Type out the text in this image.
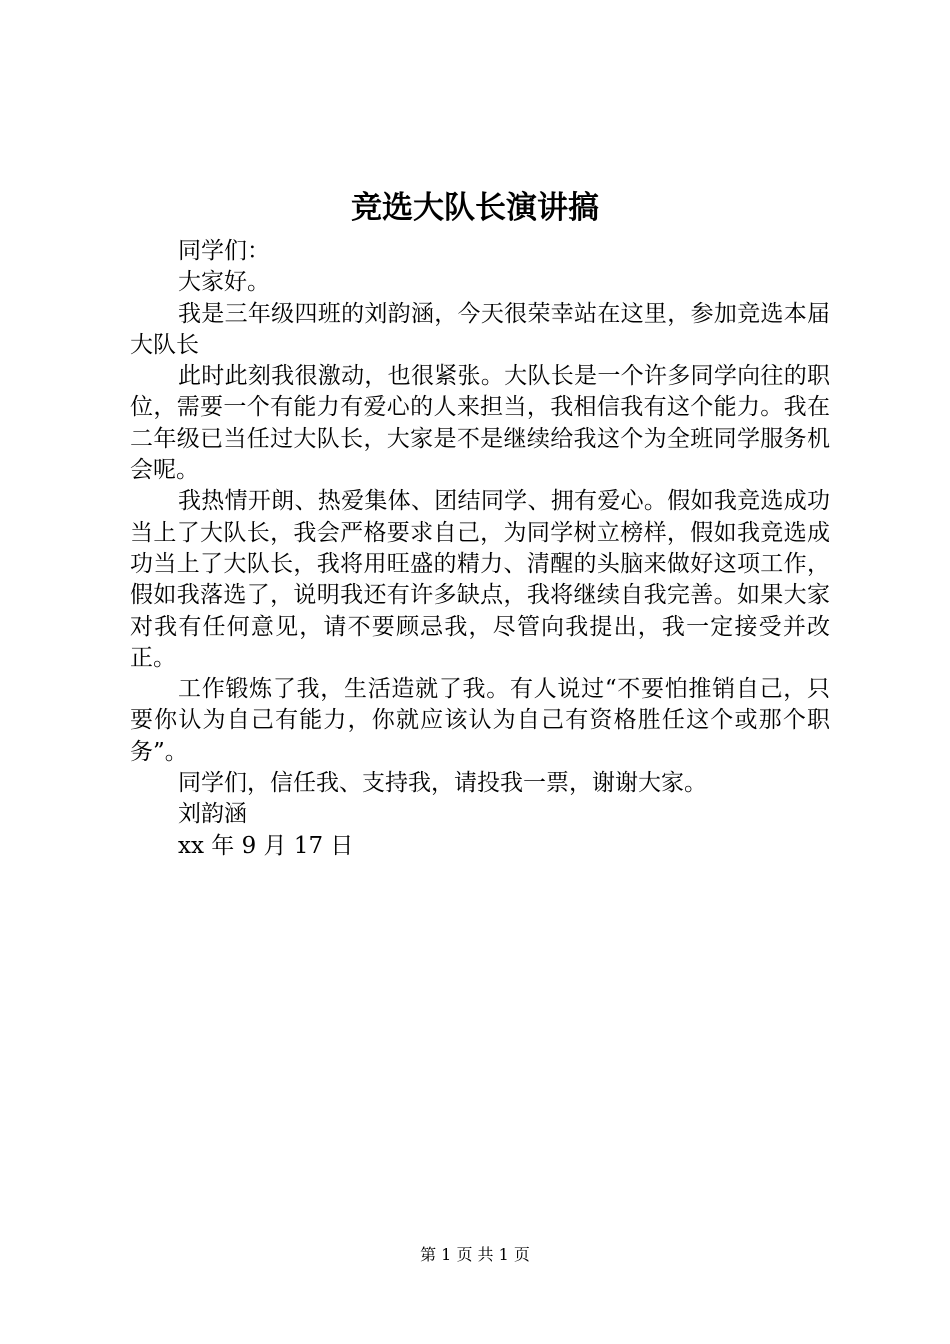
竞选大队长演讲搞

同学们：

大家好。

我是三年级四班的刘韵涵，今天很荣幸站在这里，参加竞选本届大队长

此时此刻我很激动，也很紧张。大队长是一个许多同学向往的职位，需要一个有能力有爱心的人来担当，我相信我有这个能力。我在二年级已当任过大队长，大家是不是继续给我这个为全班同学服务机会呢。

我热情开朗、热爱集体、团结同学、拥有爱心。假如我竞选成功当上了大队长，我会严格要求自己，为同学树立榜样，假如我竞选成功当上了大队长，我将用旺盛的精力、清醒的头脑来做好这项工作，假如我落选了，说明我还有许多缺点，我将继续自我完善。如果大家对我有任何意见，请不要顾忌我，尽管向我提出，我一定接受并改正。

工作锻炼了我，生活造就了我。有人说过“不要怕推销自己，只要你认为自己有能力，你就应该认为自己有资格胜任这个或那个职务”。

同学们，信任我、支持我，请投我一票，谢谢大家。

刘韵涵

xx 年 9 月 17 日

第 1 页 共 1 页
